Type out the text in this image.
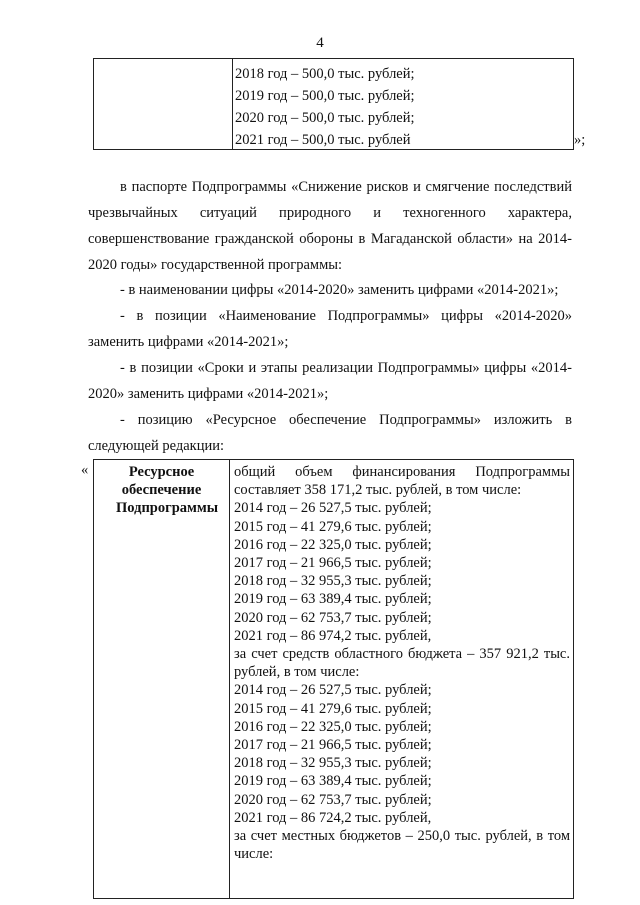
4
2018 год – 500,0 тыс. рублей;
2019 год – 500,0 тыс. рублей;
2020 год – 500,0 тыс. рублей;
2021 год – 500,0 тыс. рублей	»;
в паспорте Подпрограммы «Снижение рисков и смягчение последствий чрезвычайных ситуаций природного и техногенного характера, совершенствование гражданской обороны в Магаданской области» на 2014-2020 годы» государственной программы:
- в наименовании цифры «2014-2020» заменить цифрами «2014-2021»;
- в позиции «Наименование Подпрограммы» цифры «2014-2020» заменить цифрами «2014-2021»;
- в позиции «Сроки и этапы реализации Подпрограммы» цифры «2014-2020» заменить цифрами «2014-2021»;
- позицию «Ресурсное обеспечение Подпрограммы» изложить в следующей редакции:
«	Ресурсное обеспечение Подпрограммы
общий объем финансирования Подпрограммы составляет 358 171,2 тыс. рублей, в том числе:
2014 год – 26 527,5 тыс. рублей;
2015 год – 41 279,6 тыс. рублей;
2016 год – 22 325,0 тыс. рублей;
2017 год – 21 966,5 тыс. рублей;
2018 год – 32 955,3 тыс. рублей;
2019 год – 63 389,4 тыс. рублей;
2020 год – 62 753,7 тыс. рублей;
2021 год – 86 974,2 тыс. рублей,
за счет средств областного бюджета – 357 921,2 тыс. рублей, в том числе:
2014 год – 26 527,5 тыс. рублей;
2015 год – 41 279,6 тыс. рублей;
2016 год – 22 325,0 тыс. рублей;
2017 год – 21 966,5 тыс. рублей;
2018 год – 32 955,3 тыс. рублей;
2019 год – 63 389,4 тыс. рублей;
2020 год – 62 753,7 тыс. рублей;
2021 год – 86 724,2 тыс. рублей,
за счет местных бюджетов – 250,0 тыс. рублей, в том числе:
